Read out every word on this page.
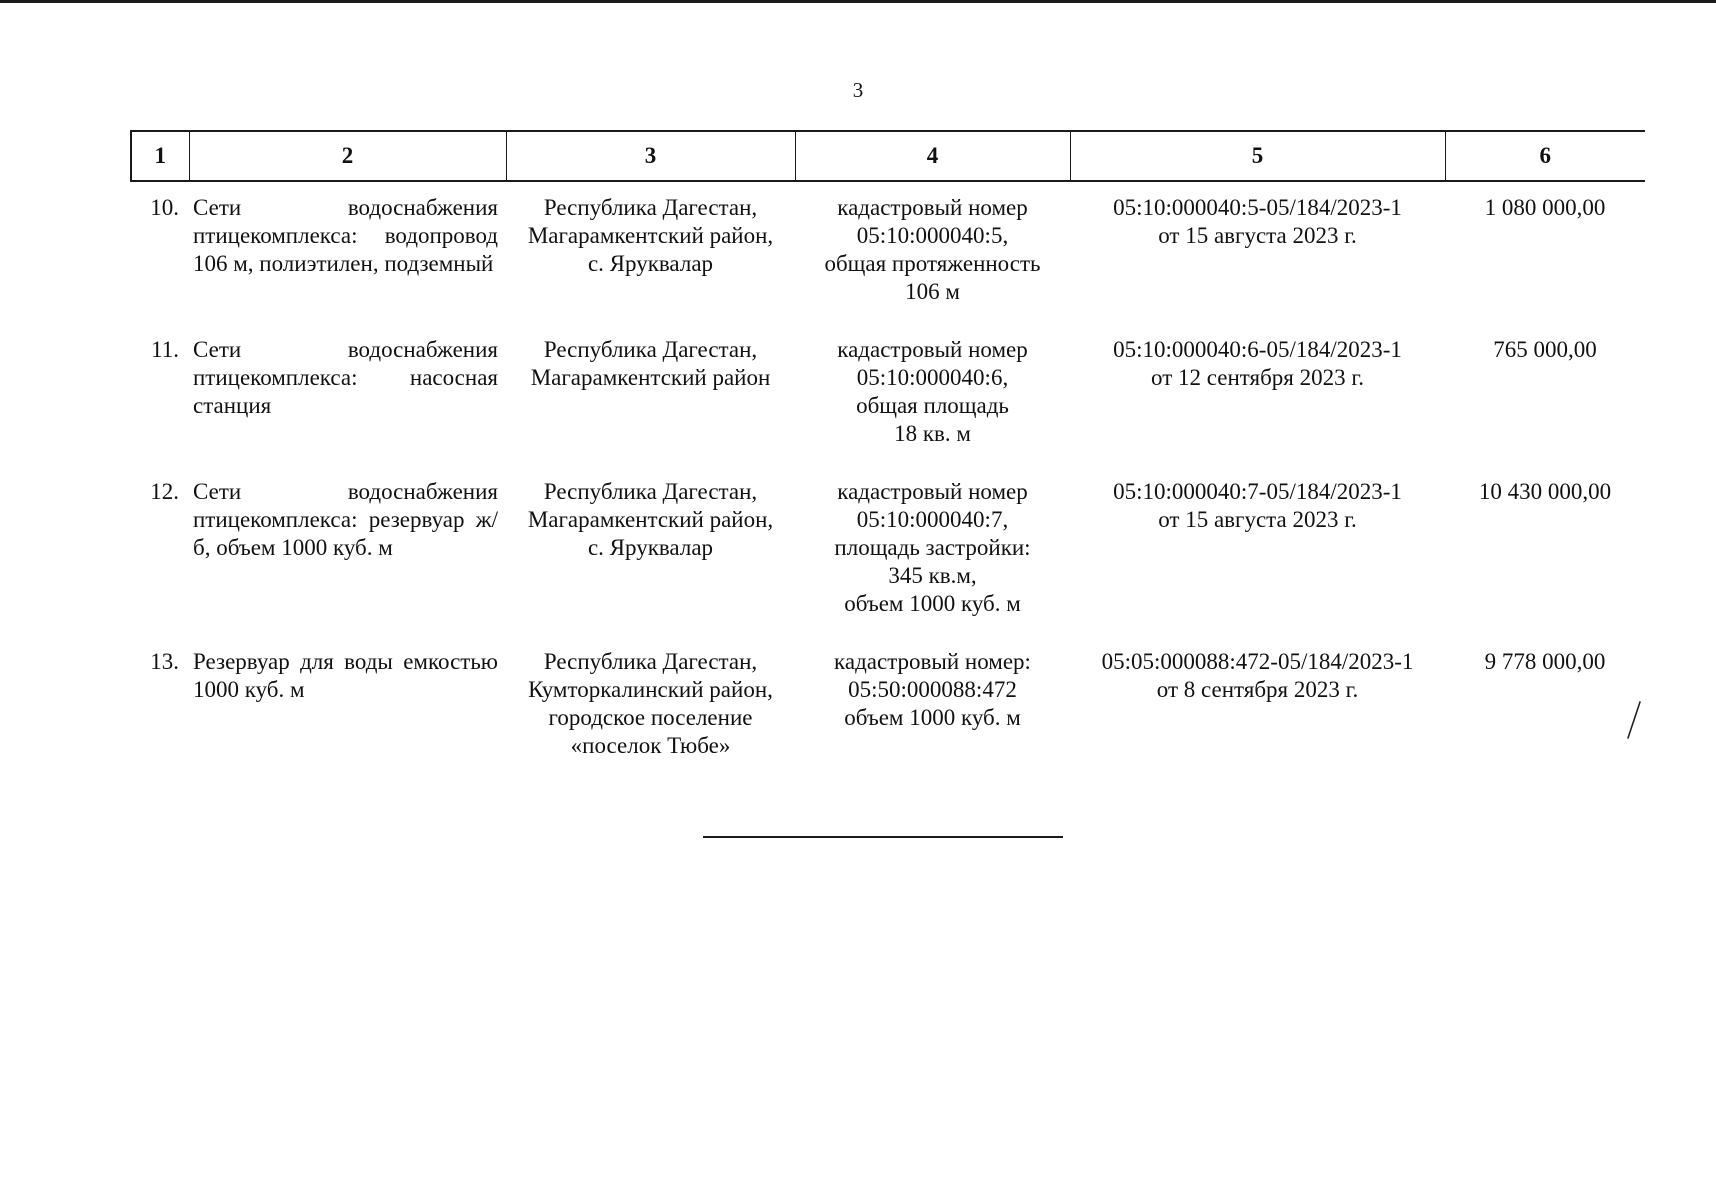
3
1	2	3	4	5	6
10.	Сети водоснабжения птицекомплекса: водопровод 106 м, полиэтилен, подземный	Республика Дагестан,
Магарамкентский район,
с. Яруквалар	кадастровый номер
05:10:000040:5,
общая протяженность
106 м	05:10:000040:5-05/184/2023-1
от 15 августа 2023 г.	1 080 000,00
11.	Сети водоснабжения птицекомплекса: насосная станция	Республика Дагестан,
Магарамкентский район	кадастровый номер
05:10:000040:6,
общая площадь
18 кв. м	05:10:000040:6-05/184/2023-1
от 12 сентября 2023 г.	765 000,00
12.	Сети водоснабжения птицекомплекса: резервуар ж/б, объем 1000 куб. м	Республика Дагестан,
Магарамкентский район,
с. Яруквалар	кадастровый номер
05:10:000040:7,
площадь застройки:
345 кв.м,
объем 1000 куб. м	05:10:000040:7-05/184/2023-1
от 15 августа 2023 г.	10 430 000,00
13.	Резервуар для воды емкостью 1000 куб. м	Республика Дагестан,
Кумторкалинский район,
городское поселение
«поселок Тюбе»	кадастровый номер:
05:50:000088:472
объем 1000 куб. м	05:05:000088:472-05/184/2023-1
от 8 сентября 2023 г.	9 778 000,00
